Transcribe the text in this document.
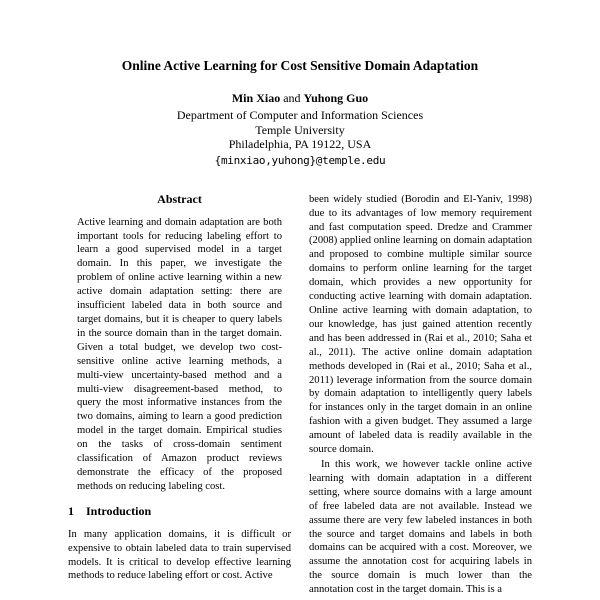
Online Active Learning for Cost Sensitive Domain Adaptation
Min Xiao and Yuhong Guo
Department of Computer and Information Sciences
Temple University
Philadelphia, PA 19122, USA
{minxiao,yuhong}@temple.edu
Abstract

Active learning and domain adaptation are both important tools for reducing labeling effort to learn a good supervised model in a target domain. In this paper, we investigate the problem of online active learning within a new active domain adaptation setting: there are insufficient labeled data in both source and target domains, but it is cheaper to query labels in the source domain than in the target domain. Given a total budget, we develop two cost-sensitive online active learning methods, a multi-view uncertainty-based method and a multi-view disagreement-based method, to query the most informative instances from the two domains, aiming to learn a good prediction model in the target domain. Empirical studies on the tasks of cross-domain sentiment classification of Amazon product reviews demonstrate the efficacy of the proposed methods on reducing labeling cost.

1 Introduction

In many application domains, it is difficult or expensive to obtain labeled data to train supervised models. It is critical to develop effective learning methods to reduce labeling effort or cost. Active

been widely studied (Borodin and El-Yaniv, 1998) due to its advantages of low memory requirement and fast computation speed. Dredze and Crammer (2008) applied online learning on domain adaptation and proposed to combine multiple similar source domains to perform online learning for the target domain, which provides a new opportunity for conducting active learning with domain adaptation. Online active learning with domain adaptation, to our knowledge, has just gained attention recently and has been addressed in (Rai et al., 2010; Saha et al., 2011). The active online domain adaptation methods developed in (Rai et al., 2010; Saha et al., 2011) leverage information from the source domain by domain adaptation to intelligently query labels for instances only in the target domain in an online fashion with a given budget. They assumed a large amount of labeled data is readily available in the source domain.

In this work, we however tackle online active learning with domain adaptation in a different setting, where source domains with a large amount of free labeled data are not available. Instead we assume there are very few labeled instances in both the source and target domains and labels in both domains can be acquired with a cost. Moreover, we assume the annotation cost for acquiring labels in the source domain is much lower than the annotation cost in the target domain. This is a
